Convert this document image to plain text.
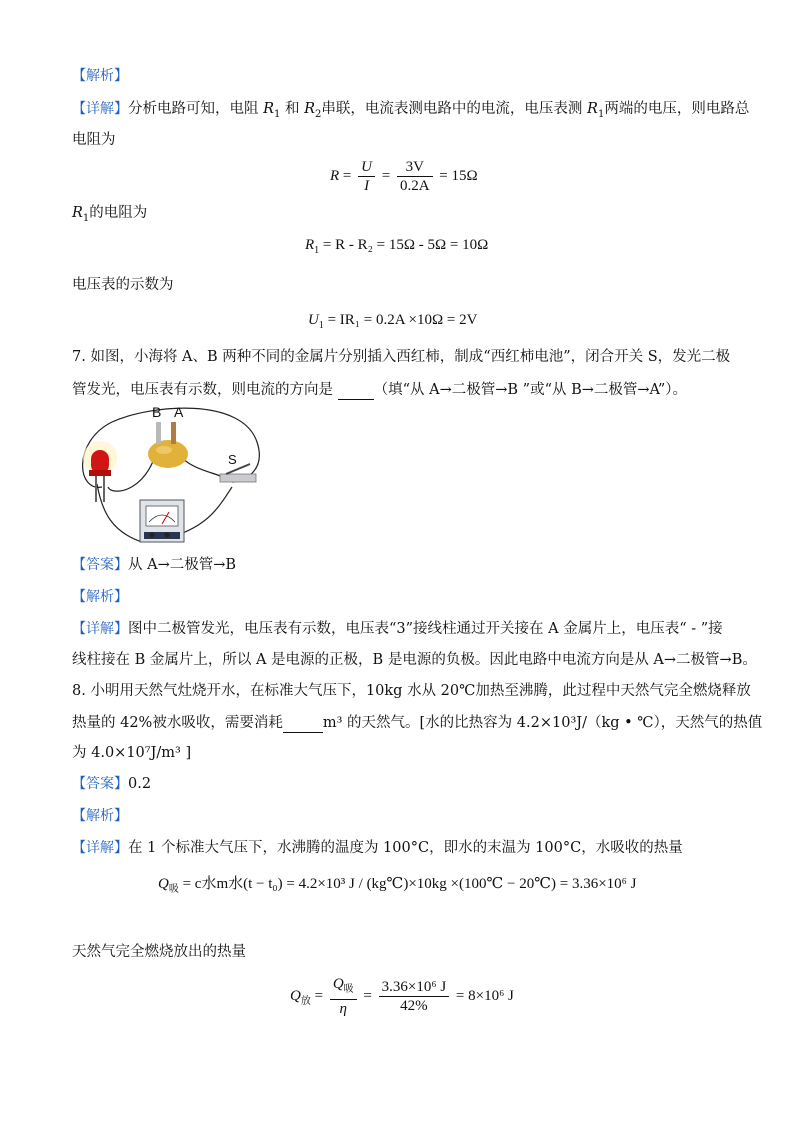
【解析】
【详解】分析电路可知，电阻 $R_1$ 和 $R_2$串联，电流表测电路中的电流，电压表测 $R_1$两端的电压，则电路总
电阻为
$R = \frac{U}{I} = \frac{3V}{0.2A} = 15\Omega$
$R_1$的电阻为
$R_1 = R - R_2 = 15\Omega - 5\Omega = 10\Omega$
电压表的示数为
$U_1 = IR_1 = 0.2A \times 10\Omega = 2V$
7. 如图，小海将 A、B 两种不同的金属片分别插入西红柿，制成“西红柿电池”，闭合开关 S，发光二极
管发光，电压表有示数，则电流的方向是  （填“从 A→二极管→B ”或“从 B→二极管→A”）。
B A
S
【答案】从 A→二极管→B
【解析】
【详解】图中二极管发光，电压表有示数，电压表“3”接线柱通过开关接在 A 金属片上，电压表“ - ”接
线柱接在 B 金属片上，所以 A 是电源的正极，B 是电源的负极。因此电路中电流方向是从 A→二极管→B。
8. 小明用天然气灶烧开水，在标准大气压下，10kg 水从 20℃加热至沸腾，此过程中天然气完全燃烧释放
热量的 42%被水吸收，需要消耗	m³ 的天然气。[水的比热容为 4.2×10³J/（kg • ℃），天然气的热值
为 4.0×10⁷J/m³ ]
【答案】0.2
【解析】
【详解】在 1 个标准大气压下，水沸腾的温度为 100°C，即水的末温为 100°C，水吸收的热量
$Q_吸 = c$水m水(t − t₀) = 4.2×10³ J / (kg℃)×10kg ×(100℃ − 20℃) = 3.36×10⁶ J
天然气完全燃烧放出的热量
$Q_放 = \frac{Q_吸}{\eta} = \frac{\text{3.36×10⁶ J}}{42\%} = 8\times 10^6$ J
